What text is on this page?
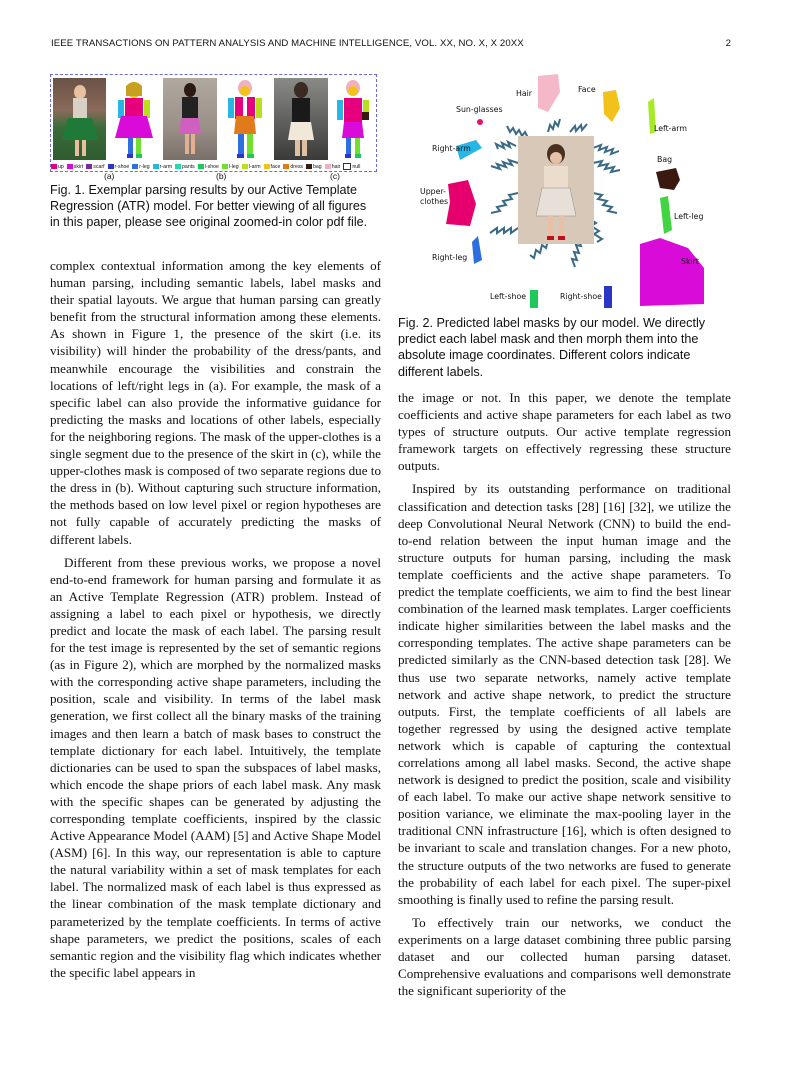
IEEE TRANSACTIONS ON PATTERN ANALYSIS AND MACHINE INTELLIGENCE, VOL. XX, NO. X, X 20XX	2
up skirt scarf r-shoe r-leg r-arm pants l-shoe l-leg l-arm face dress bag hair null
(a)	(b)	(c)
Fig. 1. Exemplar parsing results by our Active Template Regression (ATR) model. For better viewing of all figures in this paper, please see original zoomed-in color pdf file.
Hair	Face
Sun-glasses
Left-arm
Right-arm
Bag
Upper-
clothes
Left-leg
Right-leg	Skirt
Left-shoe	Right-shoe
Fig. 2. Predicted label masks by our model. We directly predict each label mask and then morph them into the absolute image coordinates. Different colors indicate different labels.

complex contextual information among the key elements of human parsing, including semantic labels, label masks and their spatial layouts. We argue that human parsing can greatly benefit from the structural information among these elements. As shown in Figure 1, the presence of the skirt (i.e. its visibility) will hinder the probability of the dress/pants, and meanwhile encourage the visibilities and constrain the locations of left/right legs in (a). For example, the mask of a specific label can also provide the informative guidance for predicting the masks and locations of other labels, especially for the neighboring regions. The mask of the upper-clothes is a single segment due to the presence of the skirt in (c), while the upper-clothes mask is composed of two separate regions due to the dress in (b). Without capturing such structure information, the methods based on low level pixel or region hypotheses are not fully capable of accurately predicting the masks of different labels.

Different from these previous works, we propose a novel end-to-end framework for human parsing and formulate it as an Active Template Regression (ATR) problem. Instead of assigning a label to each pixel or hypothesis, we directly predict and locate the mask of each label. The parsing result for the test image is represented by the set of semantic regions (as in Figure 2), which are morphed by the normalized masks with the corresponding active shape parameters, including the position, scale and visibility. In terms of the label mask generation, we first collect all the binary masks of the training images and then learn a batch of mask bases to construct the template dictionary for each label. Intuitively, the template dictionaries can be used to span the subspaces of label masks, which encode the shape priors of each label mask. Any mask with the specific shapes can be generated by adjusting the corresponding template coefficients, inspired by the classic Active Appearance Model (AAM) [5] and Active Shape Model (ASM) [6]. In this way, our representation is able to capture the natural variability within a set of mask templates for each label. The normalized mask of each label is thus expressed as the linear combination of the mask template dictionary and parameterized by the template coefficients. In terms of active shape parameters, we predict the positions, scales of each semantic region and the visibility flag which indicates whether the specific label appears in

the image or not. In this paper, we denote the template coefficients and active shape parameters for each label as two types of structure outputs. Our active template regression framework targets on effectively regressing these structure outputs.

Inspired by its outstanding performance on traditional classification and detection tasks [28] [16] [32], we utilize the deep Convolutional Neural Network (CNN) to build the end-to-end relation between the input human image and the structure outputs for human parsing, including the mask template coefficients and the active shape parameters. To predict the template coefficients, we aim to find the best linear combination of the learned mask templates. Larger coefficients indicate higher similarities between the label masks and the corresponding templates. The active shape parameters can be predicted similarly as the CNN-based detection task [28]. We thus use two separate networks, namely active template network and active shape network, to predict the structure outputs. First, the template coefficients of all labels are together regressed by using the designed active template network which is capable of capturing the contextual correlations among all label masks. Second, the active shape network is designed to predict the position, scale and visibility of each label. To make our active shape network sensitive to position variance, we eliminate the max-pooling layer in the traditional CNN infrastructure [16], which is often designed to be invariant to scale and translation changes. For a new photo, the structure outputs of the two networks are fused to generate the probability of each label for each pixel. The super-pixel smoothing is finally used to refine the parsing result.

To effectively train our networks, we conduct the experiments on a large dataset combining three public parsing dataset and our collected human parsing dataset. Comprehensive evaluations and comparisons well demonstrate the significant superiority of the
